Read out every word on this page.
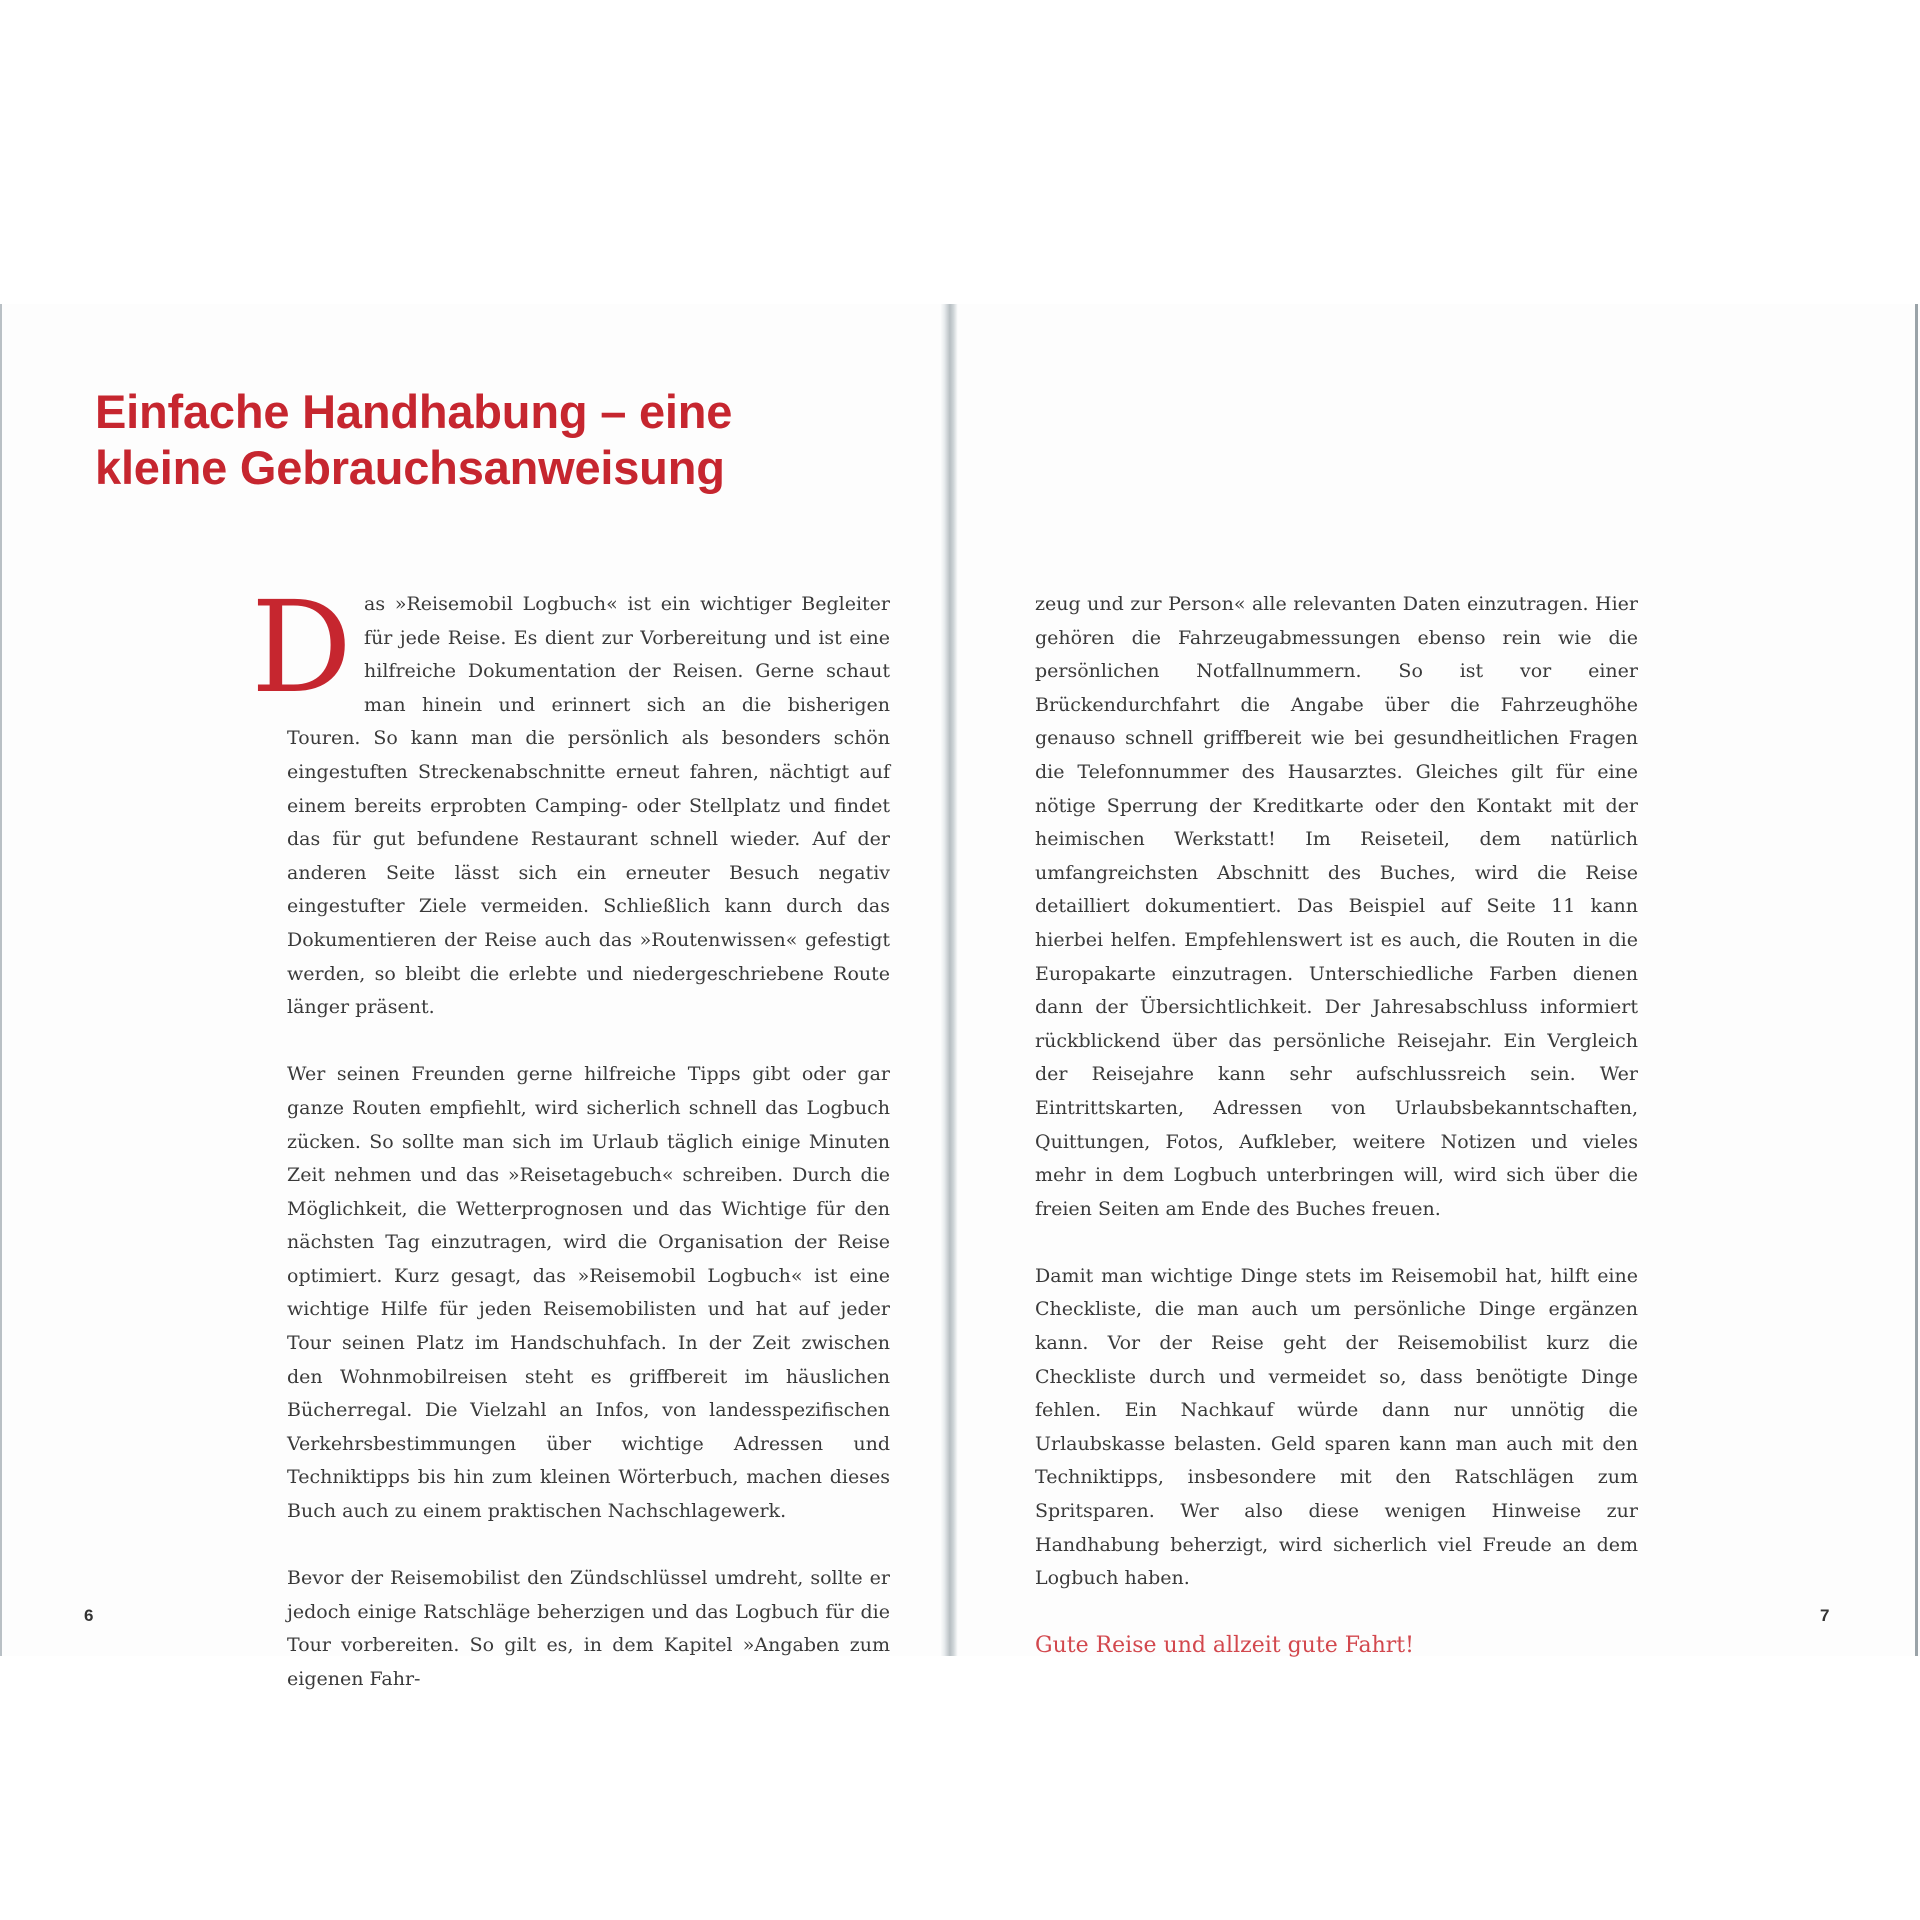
Einfache Handhabung – eine
kleine Gebrauchsanweisung

Das »Reisemobil Logbuch« ist ein wichtiger Begleiter für jede Reise. Es dient zur Vorbereitung und ist eine hilfreiche Dokumentation der Reisen. Gerne schaut man hinein und erinnert sich an die bisherigen Touren. So kann man die persönlich als besonders schön eingestuften Streckenabschnitte erneut fahren, nächtigt auf einem bereits erprobten Camping- oder Stellplatz und findet das für gut befundene Restaurant schnell wieder. Auf der anderen Seite lässt sich ein erneuter Besuch negativ eingestufter Ziele vermeiden. Schließlich kann durch das Dokumentieren der Reise auch das »Routenwissen« gefestigt werden, so bleibt die erlebte und niedergeschriebene Route länger präsent.

Wer seinen Freunden gerne hilfreiche Tipps gibt oder gar ganze Routen empfiehlt, wird sicherlich schnell das Logbuch zücken. So sollte man sich im Urlaub täglich einige Minuten Zeit nehmen und das »Reisetagebuch« schreiben. Durch die Möglichkeit, die Wetterprognosen und das Wichtige für den nächsten Tag einzutragen, wird die Organisation der Reise optimiert. Kurz gesagt, das »Reisemobil Logbuch« ist eine wichtige Hilfe für jeden Reisemobilisten und hat auf jeder Tour seinen Platz im Handschuhfach. In der Zeit zwischen den Wohnmobilreisen steht es griffbereit im häuslichen Bücherregal. Die Vielzahl an Infos, von landesspezifischen Verkehrsbestimmungen über wichtige Adressen und Techniktipps bis hin zum kleinen Wörterbuch, machen dieses Buch auch zu einem praktischen Nachschlagewerk.

Bevor der Reisemobilist den Zündschlüssel umdreht, sollte er jedoch einige Ratschläge beherzigen und das Logbuch für die Tour vorbereiten. So gilt es, in dem Kapitel »Angaben zum eigenen Fahr-

zeug und zur Person« alle relevanten Daten einzutragen. Hier gehören die Fahrzeugabmessungen ebenso rein wie die persönlichen Notfallnummern. So ist vor einer Brückendurchfahrt die Angabe über die Fahrzeughöhe genauso schnell griffbereit wie bei gesundheitlichen Fragen die Telefonnummer des Hausarztes. Gleiches gilt für eine nötige Sperrung der Kreditkarte oder den Kontakt mit der heimischen Werkstatt! Im Reiseteil, dem natürlich umfangreichsten Abschnitt des Buches, wird die Reise detailliert dokumentiert. Das Beispiel auf Seite 11 kann hierbei helfen. Empfehlenswert ist es auch, die Routen in die Europakarte einzutragen. Unterschiedliche Farben dienen dann der Übersichtlichkeit. Der Jahresabschluss informiert rückblickend über das persönliche Reisejahr. Ein Vergleich der Reisejahre kann sehr aufschlussreich sein. Wer Eintrittskarten, Adressen von Urlaubsbekanntschaften, Quittungen, Fotos, Aufkleber, weitere Notizen und vieles mehr in dem Logbuch unterbringen will, wird sich über die freien Seiten am Ende des Buches freuen.

Damit man wichtige Dinge stets im Reisemobil hat, hilft eine Checkliste, die man auch um persönliche Dinge ergänzen kann. Vor der Reise geht der Reisemobilist kurz die Checkliste durch und vermeidet so, dass benötigte Dinge fehlen. Ein Nachkauf würde dann nur unnötig die Urlaubskasse belasten. Geld sparen kann man auch mit den Techniktipps, insbesondere mit den Ratschlägen zum Spritsparen. Wer also diese wenigen Hinweise zur Handhabung beherzigt, wird sicherlich viel Freude an dem Logbuch haben.

Gute Reise und allzeit gute Fahrt!
6	7
